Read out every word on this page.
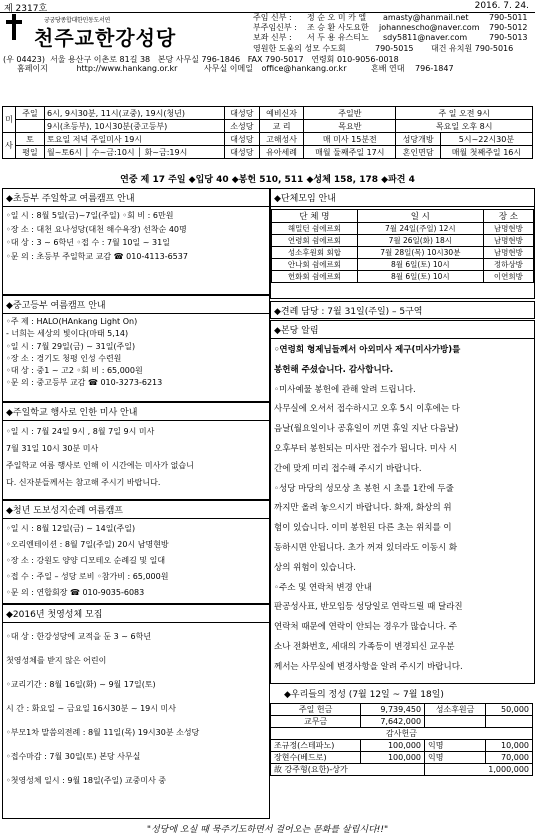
제 2317호	2016. 7. 24.
궁궁당종합대한민동도서연
천주교한강성당
주임 신부 : 정 순 오 미 카 엘 amasty@hanmail.net	790-5011
부주임신부 : 조 승 환 사도요한 johannescho@naver.com 790-5012
보좌 신부 : 서 두 용 유스티노 sdy5811@naver.com	790-5013
영원한 도움의 성모 수도회	790-5015 대건 유치원 790-5016
(우 04423) 서울 용산구 이촌로 81길 38 본당 사무실 796-1846 FAX 790-5017 연령회 010-9056-0018
홈페이지	http://www.hankang.or.kr	사무실 이메일 office@hankang.or.kr	혼배 연대 796-1847
미	주일	6시, 9시30분, 11시(교중), 19시(청년)	대성당	예비신자	주일반	주 일 오전 9시	
		9시(초등부), 10시30분(중고등부)	소성당	교 리	목요반	목요일 오후 8시	
사	토	토요일 저녁 주일미사 19시	대성당	고해성사	매 미사 15분전	성당개방	5시~22시30분
	평일	월~토6시 │ 수~금:10시 │ 화~금:19시	대성당	유아세례	매월 둘째주일 17시	혼인면담	매월 첫째주일 16시
연중 제 17 주일 ◆입당 40 ◆봉헌 510, 511 ◆성체 158, 178 ◆파견 4
◆초등부 주일학교 여름캠프 안내
◦일 시 : 8월 5일(금)~7일(주일) ◦회 비 : 6만원
◦장 소 : 대천 요나성당(대천 해수욕장) 선착순 40명
◦대 상 : 3 ~ 6학년 ◦접 수 : 7월 10일 ~ 31일
◦문 의 : 초등부 주일학교 교감 ☎ 010-4113-6537
◆중고등부 여름캠프 안내
◦주 제 : HALO(HAnkang Light On)
- 너희는 세상의 빛이다(마태 5,14)
◦일 시 : 7월 29일(금) ~ 31일(주일)
◦장 소 : 경기도 청평 인성 수련원
◦대 상 : 중1 ~ 고2 ◦회 비 : 65,000원
◦문 의 : 중고등부 교감 ☎ 010-3273-6213
◆주일학교 행사로 인한 미사 안내
◦일 시 : 7월 24일 9시 , 8월 7일 9시 미사
7월 31일 10시 30분 미사
주일학교 여름 행사로 인해 이 시간에는 미사가 없습니
다. 신자분들께서는 참고해 주시기 바랍니다.
◆청년 도보성지순례 여름캠프
◦일 시 : 8월 12일(금) ~ 14일(주일)
◦오리엔테이션 : 8월 7일(주일) 20시 남명현방
◦장 소 : 강원도 양양 디모테오 순례길 및 일대
◦접 수 : 주일 – 성당 로비 ◦참가비 : 65,000원
◦문 의 : 연합회장 ☎ 010-9035-6083
◆2016년 첫영성체 모집
◦대 상 : 한강성당에 교적을 둔 3 ~ 6학년
첫영성체를 받지 않은 어린이
◦교리기간 : 8월 16일(화) ~ 9월 17일(토)
시 간 : 화요일 ~ 금요일 16시30분 ~ 19시 미사
◦부모1차 말씀의전례 : 8월 11일(목) 19시30분 소성당
◦접수마감 : 7월 30일(토) 본당 사무실
◦첫영성체 일시 : 9월 18일(주일) 교중미사 중
◆단체모임 안내
단 체 명	일 시	장 소
해밀턴 쉼에르회	7월 24일(주일) 12시	남명현방
연령회 쉼에르회	7월 26일(화) 18시	남명현방
성소후원회 회합	7월 28일(목) 10시30분	남명현방
안나회 쉼에르회	8월 6일(토) 10시	정하상방
헌화회 쉼에르회	8월 6일(토) 10시	이연희방
◆견례 담당 : 7월 31일(주일) – 5구역
◆본당 알림
◦연령회 형제님들께서 아외미사 제구(미사가방)를
봉헌해 주셨습니다. 감사합니다.
◦미사예물 봉헌에 관해 알려 드립니다.
사무실에 오셔서 접수하시고 오후 5시 이후에는 다
음날(월요일이나 공휴일이 끼면 휴일 지난 다음날)
오후부터 봉헌되는 미사만 접수가 됩니다. 미사 시
간에 맞게 미리 접수해 주시기 바랍니다.
◦성당 마당의 성모상 초 봉헌 시 초를 1칸에 두줄
까지만 올려 놓으시기 바랍니다. 화재, 화상의 위
험이 있습니다. 이미 봉헌된 다른 초는 위치를 이
동하시면 안됩니다. 초가 꺼져 있더라도 이동시 화
상의 위험이 있습니다.
◦주소 및 연락처 변경 안내
판공성사표, 반모임등 성당일로 연락드릴 때 달라진
연락처 때문에 연락이 안되는 경우가 많습니다. 주
소나 전화번호, 세대의 가족등이 변경되신 교우분
께서는 사무실에 변경사항을 알려 주시기 바랍니다.
◆우리들의 정성 (7월 12일 ~ 7월 18일)
주일 헌금	9,739,450	성소후원금	50,000
교무금	7,642,000		
감사헌금			
조규정(스테파노)	100,000	익명	10,000
장현수(베드로)	100,000	익명	70,000
故 강주형(요한)-상가		1,000,000	
"성당에 오실 때 묵주기도하면서 걸어오는 문화를 살립시다!!"
